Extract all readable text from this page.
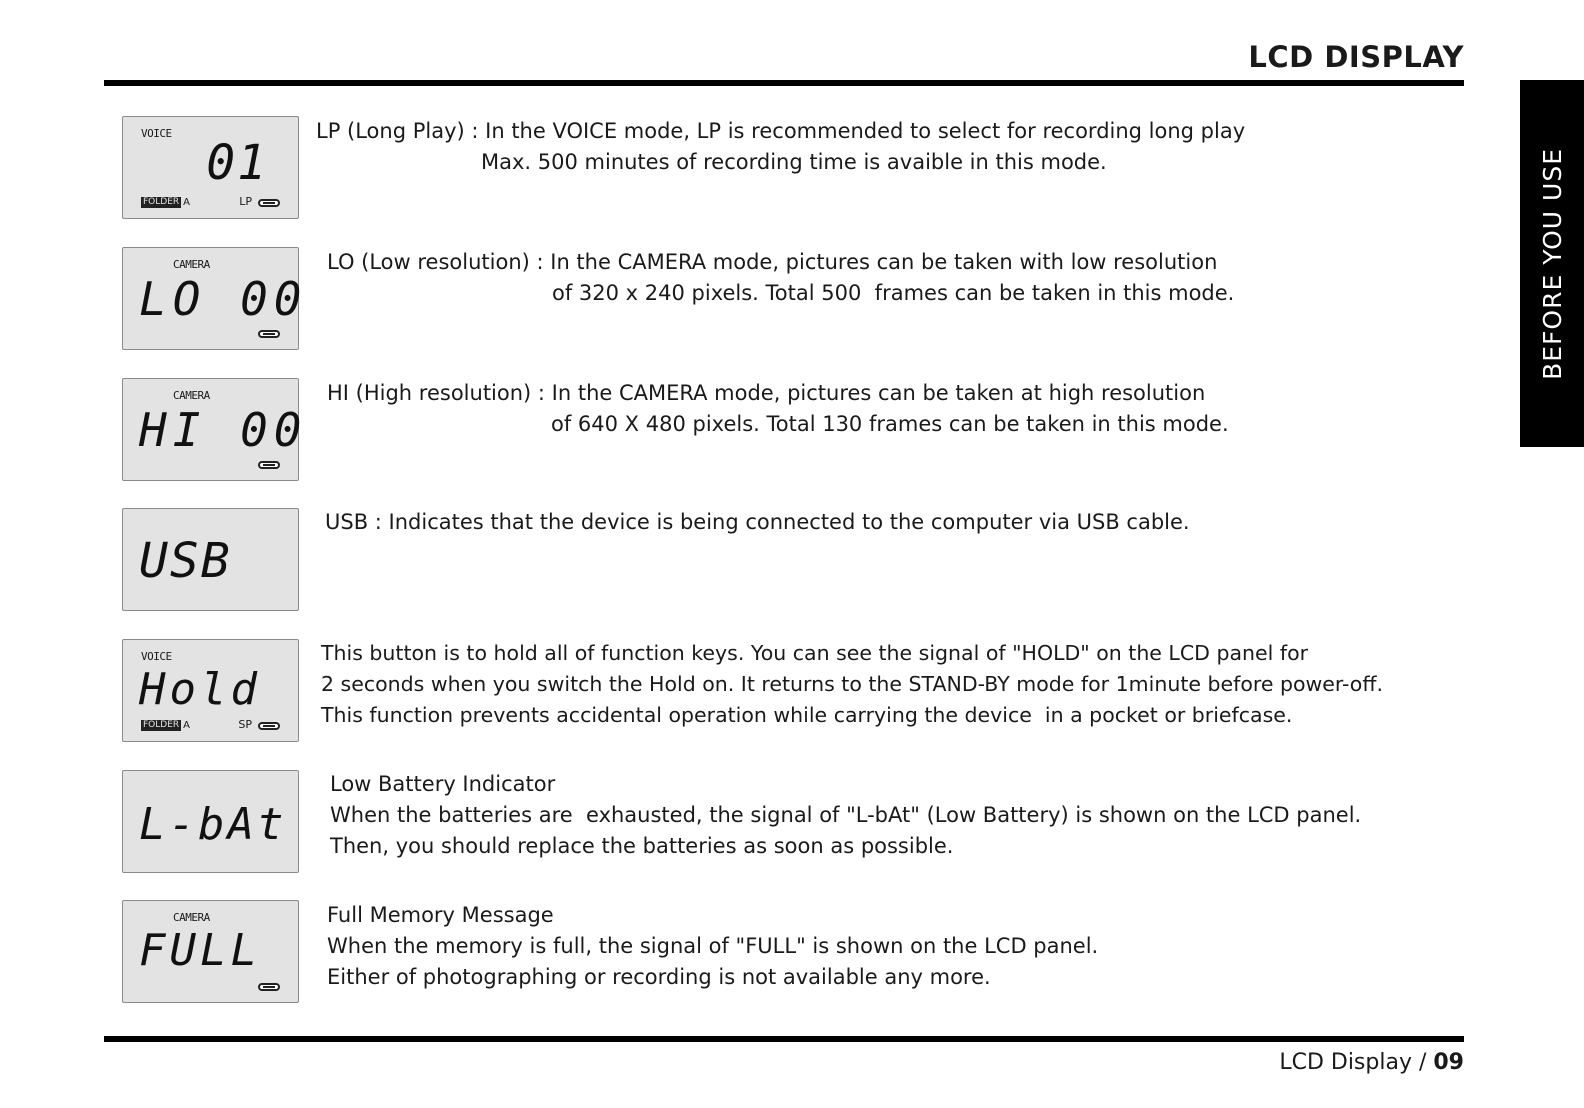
LCD DISPLAY
BEFORE YOU USE
VOICE
01
FOLDER A	LP
LP (Long Play) : In the VOICE mode, LP is recommended to select for recording long play
Max. 500 minutes of recording time is avaible in this mode.
CAMERA
LO 00
LO (Low resolution) : In the CAMERA mode, pictures can be taken with low resolution
of 320 x 240 pixels. Total 500  frames can be taken in this mode.
CAMERA
HI 00
HI (High resolution) : In the CAMERA mode, pictures can be taken at high resolution
of 640 X 480 pixels. Total 130 frames can be taken in this mode.
USB
USB : Indicates that the device is being connected to the computer via USB cable.
VOICE
Hold
FOLDER A	SP
This button is to hold all of function keys. You can see the signal of "HOLD" on the LCD panel for
2 seconds when you switch the Hold on. It returns to the STAND-BY mode for 1minute before power-off.
This function prevents accidental operation while carrying the device  in a pocket or briefcase.
L-bAt
Low Battery Indicator
When the batteries are  exhausted, the signal of "L-bAt" (Low Battery) is shown on the LCD panel.
Then, you should replace the batteries as soon as possible.
CAMERA
FULL
Full Memory Message
When the memory is full, the signal of "FULL" is shown on the LCD panel.
Either of photographing or recording is not available any more.
LCD Display / 09
